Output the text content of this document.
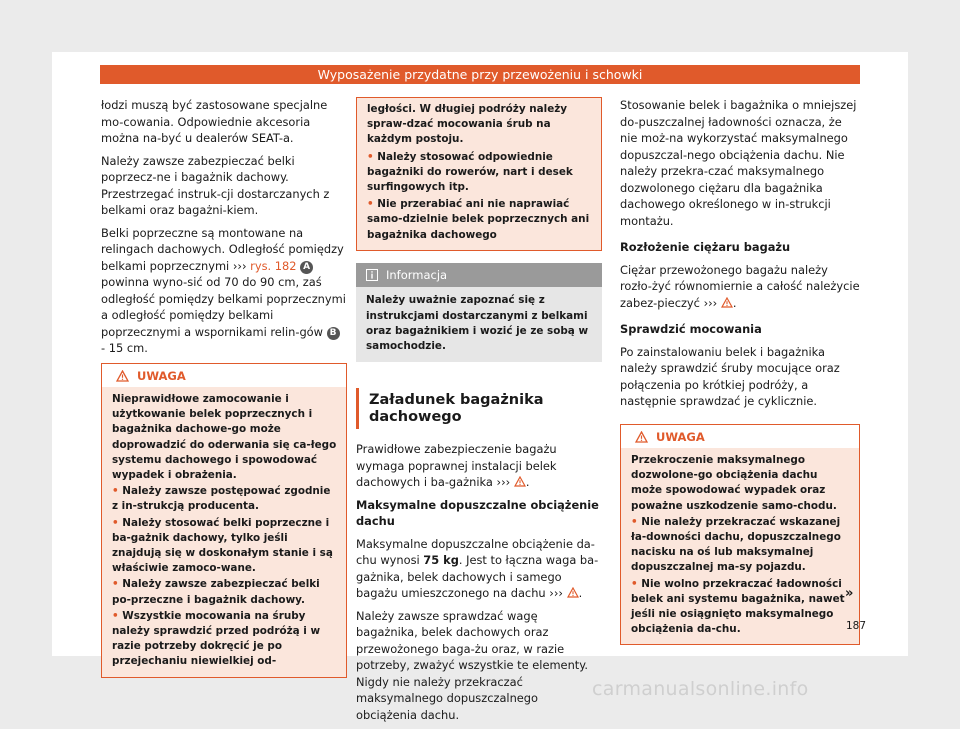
Wyposażenie przydatne przy przewożeniu i schowki

łodzi muszą być zastosowane specjalne mo-cowania. Odpowiednie akcesoria można na-być u dealerów SEAT-a.

Należy zawsze zabezpieczać belki poprzecz-ne i bagażnik dachowy. Przestrzegać instruk-cji dostarczanych z belkami oraz bagażni-kiem.

Belki poprzeczne są montowane na relingach dachowych. Odległość pomiędzy belkami poprzecznymi ››› rys. 182 A powinna wyno-sić od 70 do 90 cm, zaś odległość pomiędzy belkami poprzecznymi a odległość pomiędzy belkami poprzecznymi a wspornikami relin-gów B - 15 cm.

UWAGA

Nieprawidłowe zamocowanie i użytkowanie belek poprzecznych i bagażnika dachowe-go może doprowadzić do oderwania się ca-łego systemu dachowego i spowodować wypadek i obrażenia.

• Należy zawsze postępować zgodnie z in-strukcją producenta.

• Należy stosować belki poprzeczne i ba-gażnik dachowy, tylko jeśli znajdują się w doskonałym stanie i są właściwie zamoco-wane.

• Należy zawsze zabezpieczać belki po-przeczne i bagażnik dachowy.

• Wszystkie mocowania na śruby należy sprawdzić przed podróżą i w razie potrzeby dokręcić je po przejechaniu niewielkiej od-

ległości. W długiej podróży należy spraw-dzać mocowania śrub na każdym postoju.

• Należy stosować odpowiednie bagażniki do rowerów, nart i desek surfingowych itp.

• Nie przerabiać ani nie naprawiać samo-dzielnie belek poprzecznych ani bagażnika dachowego

Informacja
Należy uważnie zapoznać się z instrukcjami dostarczanymi z belkami oraz bagażnikiem i wozić je ze sobą w samochodzie.
Załadunek bagażnika dachowego

Prawidłowe zabezpieczenie bagażu wymaga poprawnej instalacji belek dachowych i ba-gażnika ››› .

Maksymalne dopuszczalne obciążenie dachu

Maksymalne dopuszczalne obciążenie da-chu wynosi 75 kg. Jest to łączna waga ba-gażnika, belek dachowych i samego bagażu umieszczonego na dachu ››› .

Należy zawsze sprawdzać wagę bagażnika, belek dachowych oraz przewożonego baga-żu oraz, w razie potrzeby, zważyć wszystkie te elementy. Nigdy nie należy przekraczać maksymalnego dopuszczalnego obciążenia dachu.

Stosowanie belek i bagażnika o mniejszej do-puszczalnej ładowności oznacza, że nie moż-na wykorzystać maksymalnego dopuszczal-nego obciążenia dachu. Nie należy przekra-czać maksymalnego dozwolonego ciężaru dla bagażnika dachowego określonego w in-strukcji montażu.

Rozłożenie ciężaru bagażu

Ciężar przewożonego bagażu należy rozło-żyć równomiernie a całość należycie zabez-pieczyć ››› .

Sprawdzić mocowania

Po zainstalowaniu belek i bagażnika należy sprawdzić śruby mocujące oraz połączenia po krótkiej podróży, a następnie sprawdzać je cyklicznie.

UWAGA

Przekroczenie maksymalnego dozwolone-go obciążenia dachu może spowodować wypadek oraz poważne uszkodzenie samo-chodu.

• Nie należy przekraczać wskazanej ła-downości dachu, dopuszczalnego nacisku na oś lub maksymalnej dopuszczalnej ma-sy pojazdu.

• Nie wolno przekraczać ładowności belek ani systemu bagażnika, nawet jeśli nie osiągnięto maksymalnego obciążenia da-chu.

»
187
carmanualsonline.info
